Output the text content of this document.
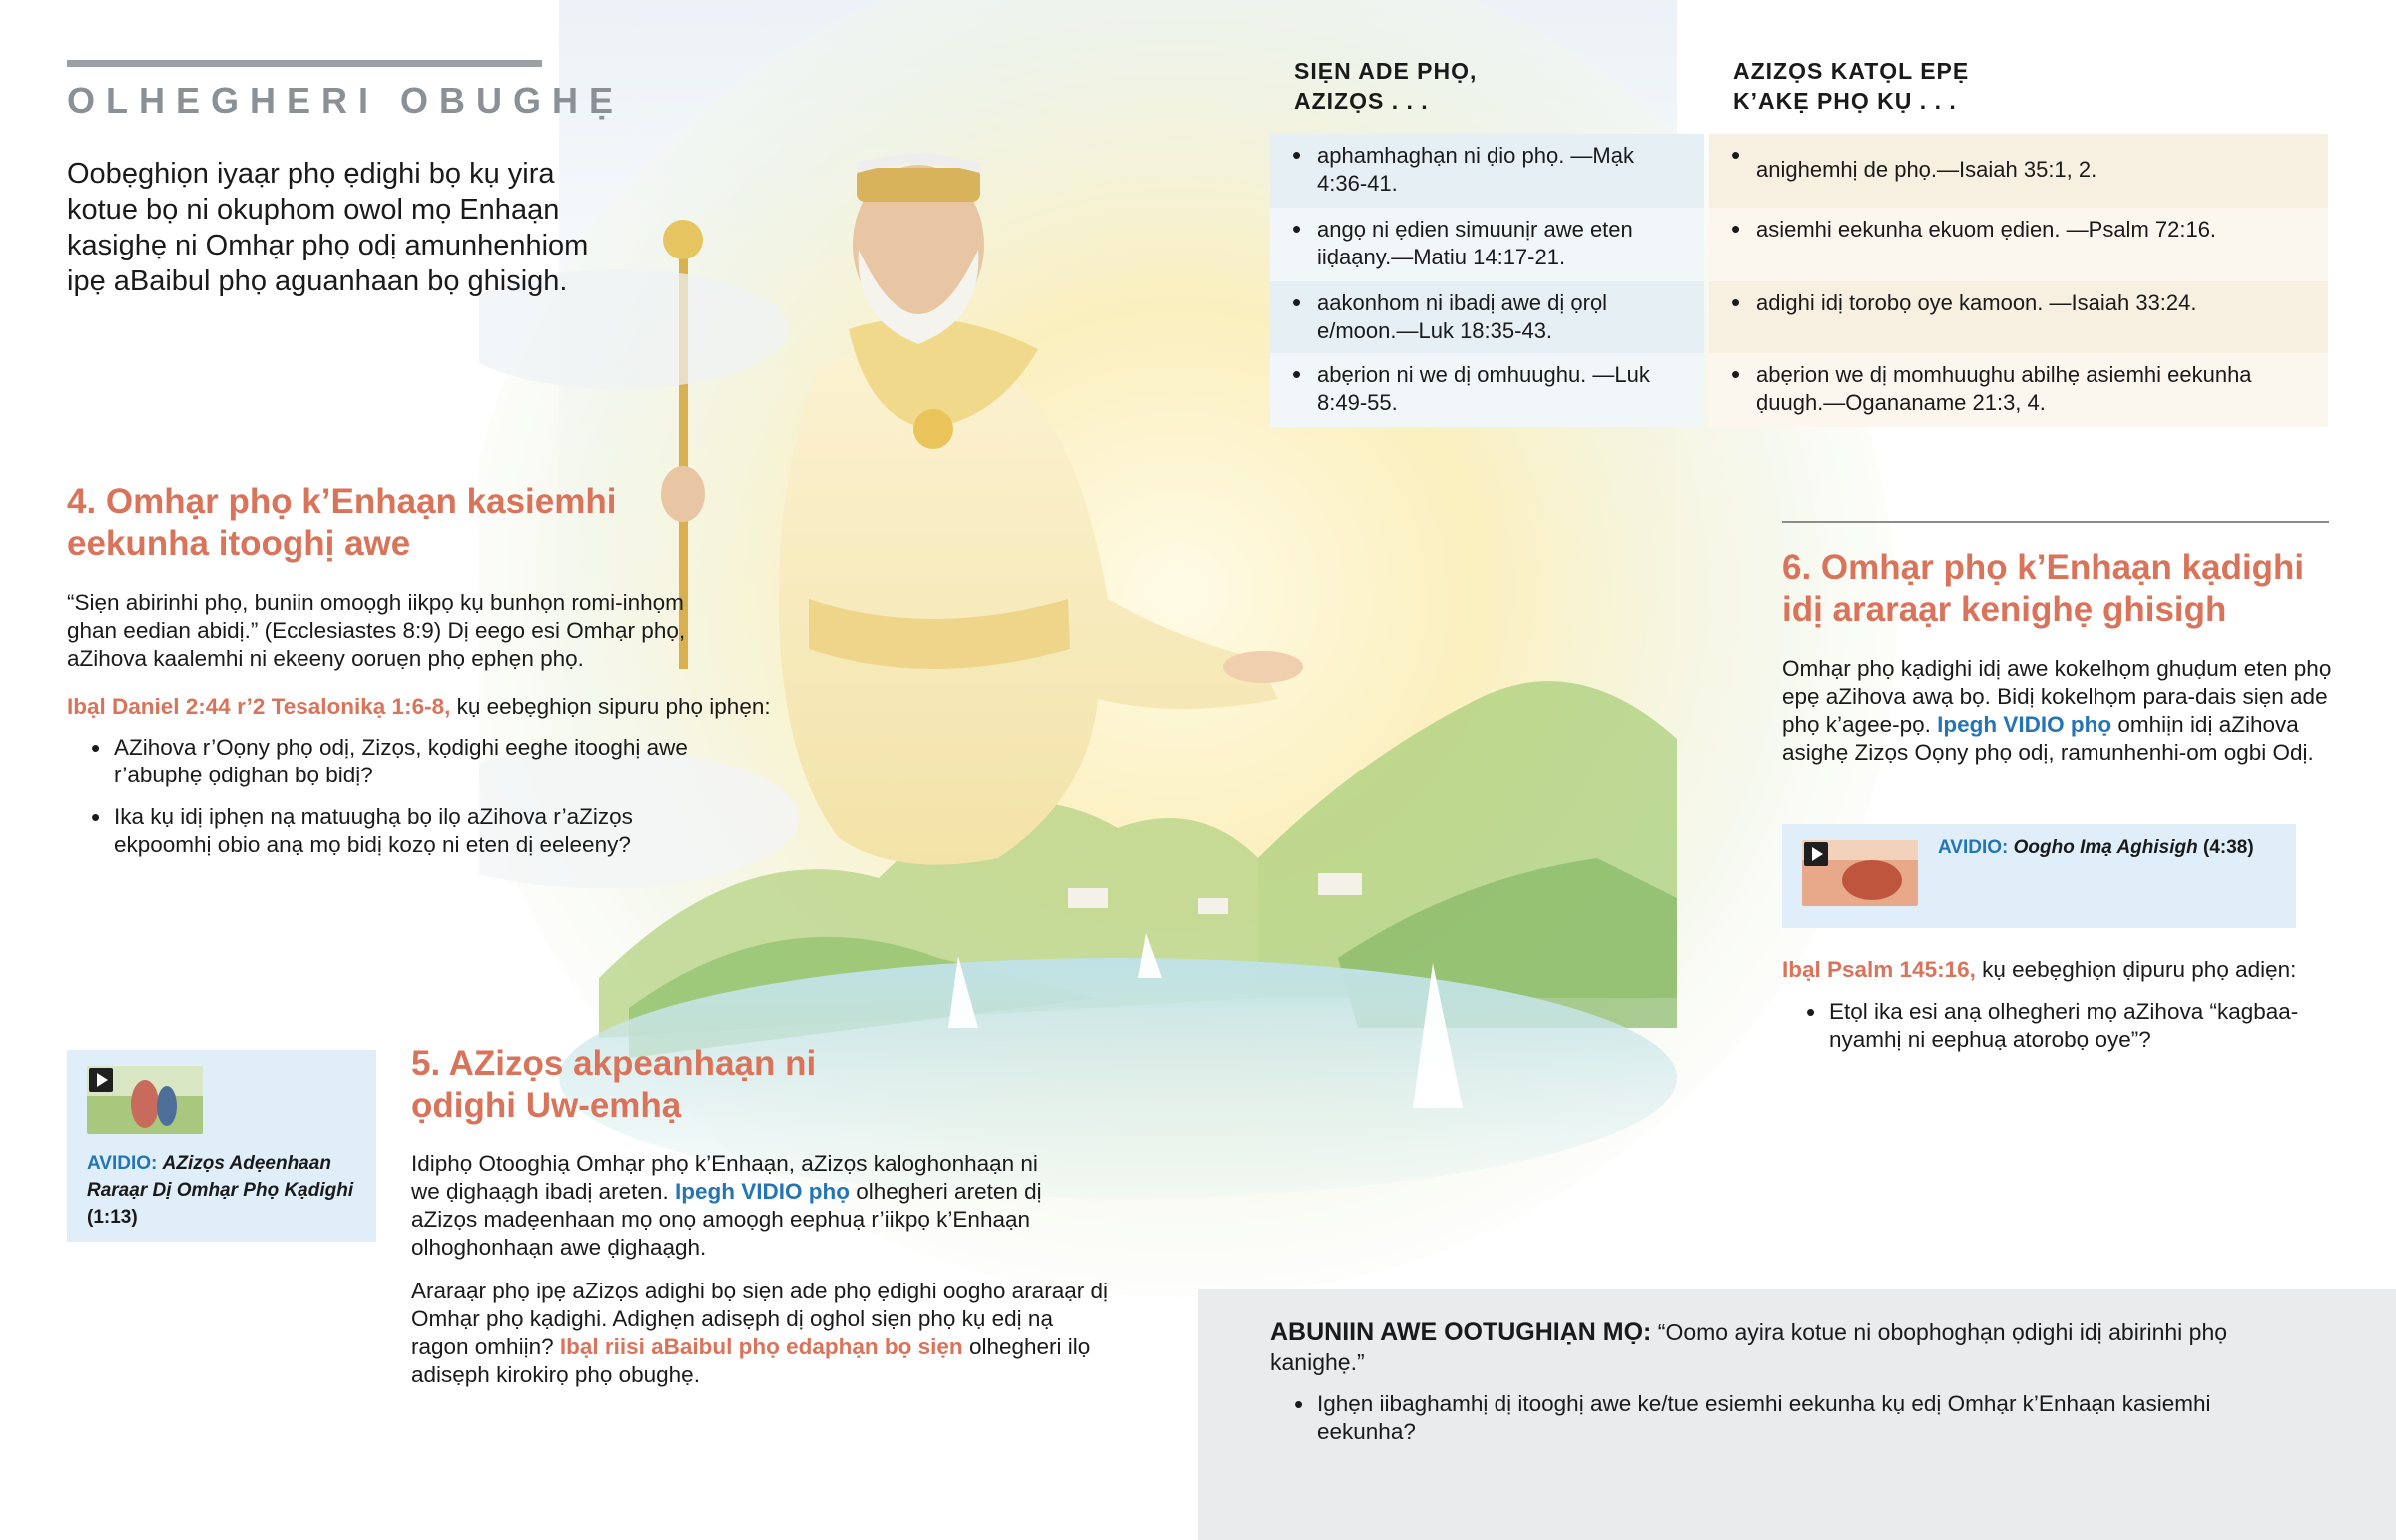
OLHEGHERI OBUGHẸ
Oobẹghiọn iyaạr phọ ẹdighi bọ kụ yira kotue bọ ni okuphom owol mọ Enhaạn kasighẹ ni Omhạr phọ odị amunhenhiom ipẹ aBaibul phọ aguanhaan bọ ghisigh.
SIẸN ADE PHỌ,
AZIZỌS . . .
AZIZỌS KATỌL EPẸ
K’AKẸ PHỌ KỤ . . .
• aphamhaghạn ni ḍio phọ. —Mạk 4:36-41.
• angọ ni ẹdien simuunịr awe eten iiḍaạny.—Matiu 14:17-21.
• aakonhom ni ibadị awe dị ọrọl e/moon.—Luk 18:35-43.
• abẹrion ni we dị omhuughu. —Luk 8:49-55.
• anighemhị de phọ.—Isaiah 35:1, 2.
• asiemhi eekunha ekuom ẹdien. —Psalm 72:16.
• adighi idị torobọ oye kamoon. —Isaiah 33:24.
• abẹrion we dị momhuughu abilhẹ asiemhi eekunha ḍuugh.—Ogananame 21:3, 4.
4. Omhạr phọ k’Enhaạn kasiemhi
eekunha itooghị awe
“Siẹn abirinhi phọ, buniin omoọgh iikpọ kụ bunhọn romi-inhọm ghan eedian abidị.” (Ecclesiastes 8:9) Dị eego esi Omhạr phọ, aZihova kaalemhi ni ekeeny ooruẹn phọ ephẹn phọ.
Ibạl Daniel 2:44 r’2 Tesalonikạ 1:6-8, kụ eebẹghiọn sipuru phọ iphẹn:
• AZihova r’Oọny phọ odị, Zizọs, kọdighi eeghe itooghị awe r’abuphẹ ọdighan bọ bidị?
• Ika kụ idị iphẹn nạ matuughạ bọ ilọ aZihova r’aZizọs ekpoomhị obio anạ mọ bidị kozọ ni eten dị eeleeny?
AVIDIO: AZizọs Adẹenhaan Raraạr Dị Omhạr Phọ Kạdighi (1:13)
5. AZizọs akpeanhaạn ni
ọdighi Uw-emhạ
Idiphọ Otooghiạ Omhạr phọ k’Enhaạn, aZizọs kaloghonhaạn ni we ḍighaạgh ibadị areten. Ipegh VIDIO phọ olhegheri areten dị aZizọs madẹenhaan mọ onọ amoọgh eephuạ r’iikpọ k’Enhaạn olhoghonhaạn awe ḍighaạgh.
Araraạr phọ ipẹ aZizọs adighi bọ siẹn ade phọ ẹdighi oogho araraạr dị Omhạr phọ kạdighi. Adighẹn adisẹph dị oghol siẹn phọ kụ edị nạ ragon omhiịn? Ibạl riisi aBaibul phọ edaphạn bọ siẹn olhegheri ilọ adisẹph kirokirọ phọ obughẹ.
6. Omhạr phọ k’Enhaạn kạdighi
idị araraạr kenighẹ ghisigh
Omhạr phọ kạdighi idị awe kokelhọm ghuḍum eten phọ epẹ aZihova awạ bọ. Bidị kokelhọm para-dais siẹn ade phọ k’agee-pọ. Ipegh VIDIO phọ omhiịn idị aZihova asighẹ Zizọs Oọny phọ odị, ramunhenhi-om ogbi Odị.
AVIDIO: Oogho Imạ Aghisigh (4:38)
Ibạl Psalm 145:16, kụ eebẹghiọn ḍipuru phọ adiẹn:
• Etọl ika esi anạ olhegheri mọ aZihova “kagbaa-nyamhị ni eephuạ atorobọ oye”?
ABUNIIN AWE OOTUGHIẠN MỌ: “Oomo ayira kotue ni obophoghạn ọdighi idị abirinhi phọ kanighẹ.”
• Ighẹn iibaghamhị dị itooghị awe ke/tue esiemhi eekunha kụ edị Omhạr k’Enhaạn kasiemhi eekunha?
